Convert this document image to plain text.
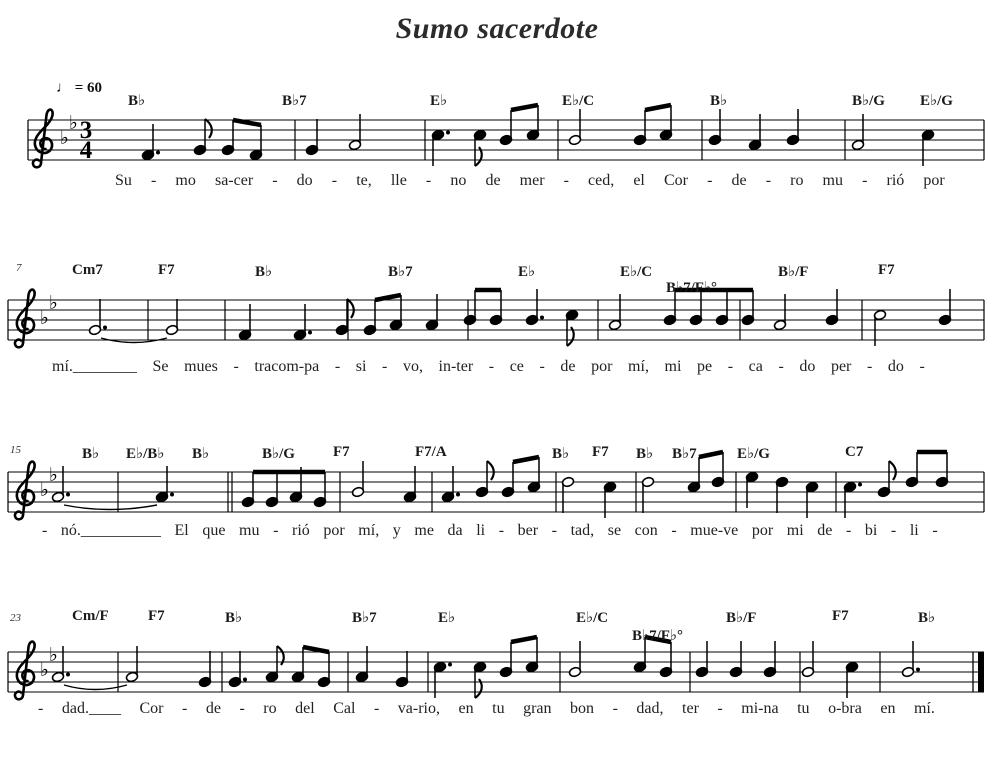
Sumo sacerdote
♩ = 60
♭
♭ 3
4
B♭	B♭7	E♭	E♭/C	B♭	B♭/G E♭/G
Su - mo sa-cer - do - te, lle - no de mer - ced, el Cor - de - ro mu - rió por
♭
♭
Cm7	F7	B♭	B♭7	E♭	E♭/C
B♭7/F♭°
B♭/F	F7
7
mí.________ Se mues - tracom-pa - si - vo, in-ter - ce - de por mí, mi pe - ca - do per - do -
♭
♭
B♭ E♭/B♭ B♭	B♭/G	F7	F7/A	B♭ F7 B♭ B♭7	E♭/G	C7
15
- nó.__________ El que mu - rió por mí, y me da li - ber - tad, se con - mue-ve por mi de - bi - li -
♭
♭
Cm/F	F7	B♭	B♭7	E♭	E♭/C
B♭7/F♭°
B♭/F	F7	B♭
23
- dad.____ Cor - de - ro del Cal - va-rio, en tu gran bon - dad, ter - mi-na tu o-bra en mí.
